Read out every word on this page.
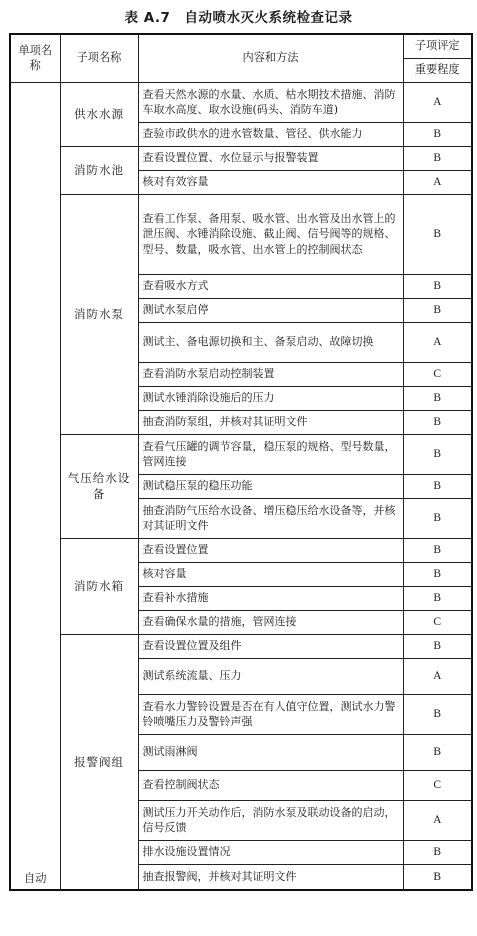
表 A.7　自动喷水灭火系统检查记录
单项名称	子项名称	内容和方法	子项评定
			重要程度
自动	供水水源	查看天然水源的水量、水质、枯水期技术措施、消防车取水高度、取水设施(码头、消防车道)	A
		查验市政供水的进水管数量、管径、供水能力	B
	消防水池	查看设置位置、水位显示与报警装置	B
		核对有效容量	A
	消防水泵	查看工作泵、备用泵、吸水管、出水管及出水管上的泄压阀、水锤消除设施、截止阀、信号阀等的规格、型号、数量，吸水管、出水管上的控制阀状态	B
		查看吸水方式	B
		测试水泵启停	B
		测试主、备电源切换和主、备泵启动、故障切换	A
		查看消防水泵启动控制装置	C
		测试水锤消除设施后的压力	B
		抽查消防泵组，并核对其证明文件	B
	气压给水设备	查看气压罐的调节容量，稳压泵的规格、型号数量，管网连接	B
		测试稳压泵的稳压功能	B
		抽查消防气压给水设备、增压稳压给水设备等，并核对其证明文件	B
	消防水箱	查看设置位置	B
		核对容量	B
		查看补水措施	B
		查看确保水量的措施，管网连接	C
	报警阀组	查看设置位置及组件	B
		测试系统流量、压力	A
		查看水力警铃设置是否在有人值守位置，测试水力警铃喷嘴压力及警铃声强	B
		测试雨淋阀	B
		查看控制阀状态	C
		测试压力开关动作后，消防水泵及联动设备的启动，信号反馈	A
		排水设施设置情况	B
		抽查报警阀，并核对其证明文件	B
